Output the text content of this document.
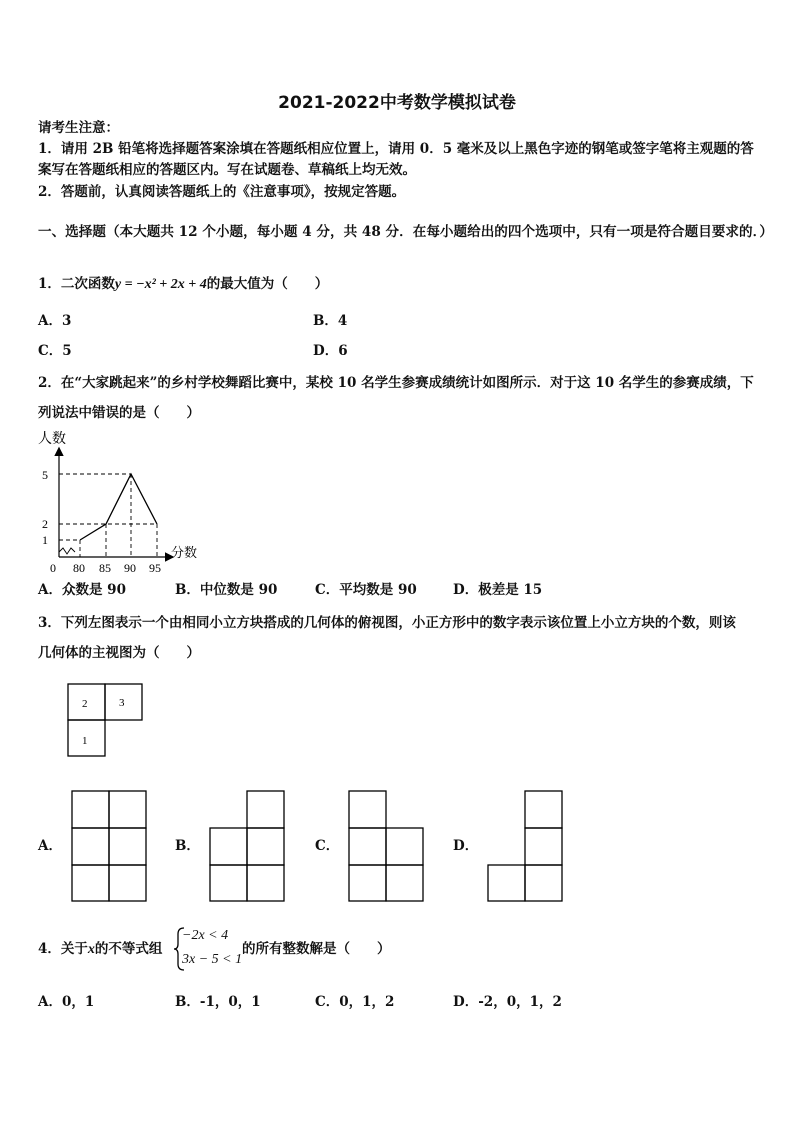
2021-2022中考数学模拟试卷
请考生注意：
1．请用 2B 铅笔将选择题答案涂填在答题纸相应位置上，请用 0．5 毫米及以上黑色字迹的钢笔或签字笔将主观题的答
案写在答题纸相应的答题区内。写在试题卷、草稿纸上均无效。
2．答题前，认真阅读答题纸上的《注意事项》，按规定答题。
一、选择题（本大题共 12 个小题，每小题 4 分，共 48 分．在每小题给出的四个选项中，只有一项是符合题目要求的．）
1．二次函数y = −x² + 2x + 4的最大值为（　　）
A．3	B．4
C．5	D．6
2．在“大家跳起来”的乡村学校舞蹈比赛中，某校 10 名学生参赛成绩统计如图所示．对于这 10 名学生的参赛成绩，下
列说法中错误的是（　　）
人数
分数
0
5
2
1
80 85 90 95
A．众数是 90	B．中位数是 90	C．平均数是 90	D．极差是 15
3．下列左图表示一个由相同小立方块搭成的几何体的俯视图，小正方形中的数字表示该位置上小立方块的个数，则该
几何体的主视图为（　　）
2	3
1
A．	B．	C．	D．
4．关于x的不等式组
−2x < 4
3x − 5 < 1
的所有整数解是（　　）
A．0，1	B．-1，0，1	C．0，1，2	D．-2，0，1，2
